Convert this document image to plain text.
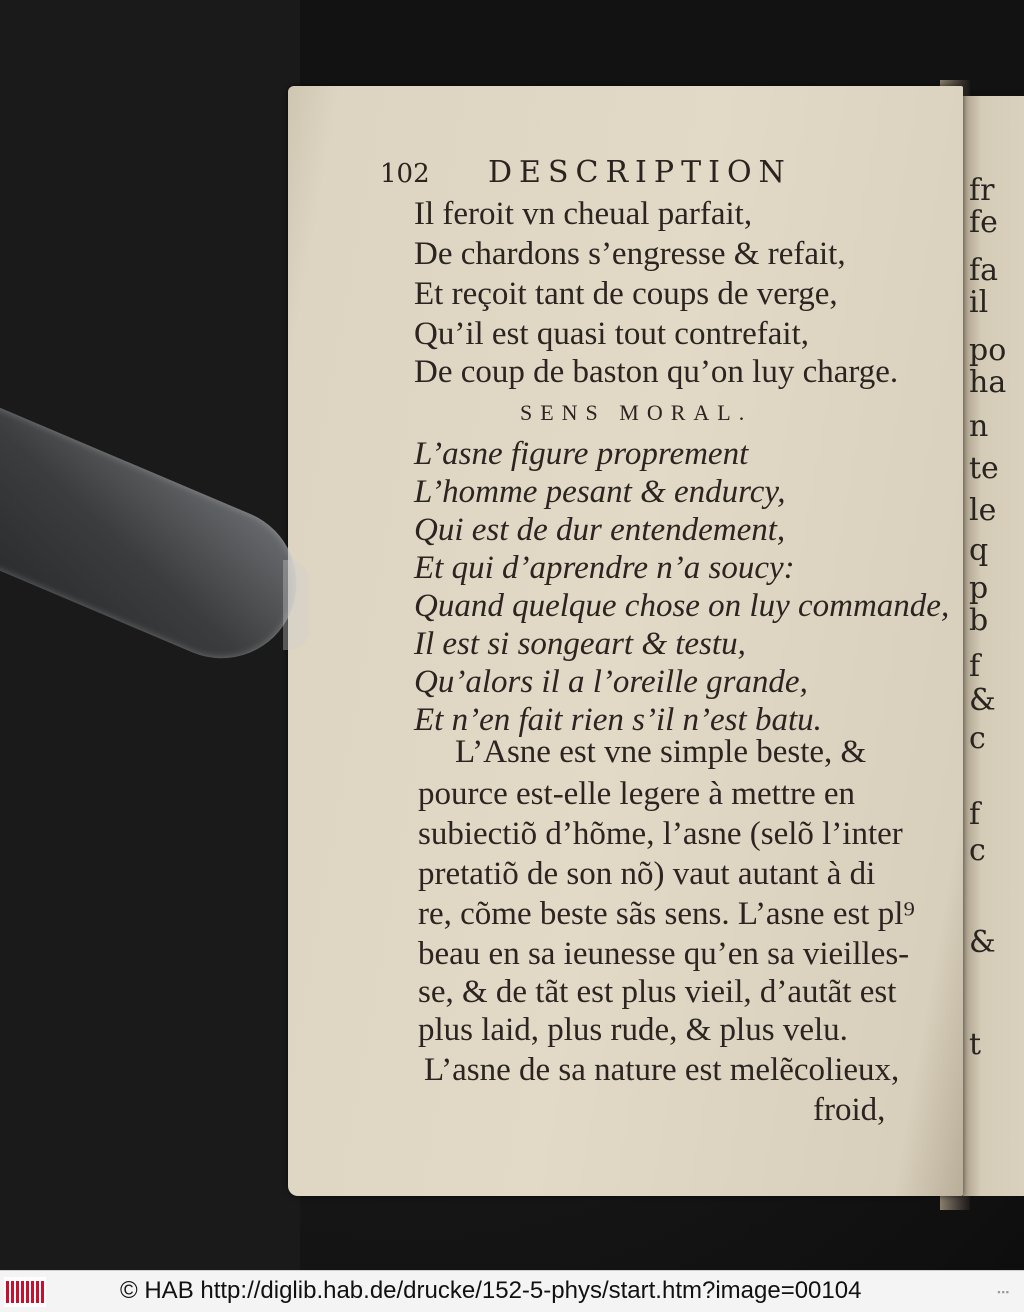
fr
fe
fa
il
po
ha
n
te
le
q
p
b
f
&
c
f
c
&
t
102 DESCRIPTION
Il feroit vn cheual parfait,
De chardons s’engresse & refait,
Et reçoit tant de coups de verge,
Qu’il est quasi tout contrefait,
De coup de baston qu’on luy charge.
SENS MORAL.
L’asne figure proprement
L’homme pesant & endurcy,
Qui est de dur entendement,
Et qui d’aprendre n’a soucy:
Quand quelque chose on luy commande,
Il est si songeart & testu,
Qu’alors il a l’oreille grande,
Et n’en fait rien s’il n’est batu.
L’Asne est vne simple beste, &
pource est-elle legere à mettre en
subiectiõ d’hõme, l’asne (selõ l’inter
pretatiõ de son nõ) vaut autant à di
re, cõme beste sãs sens. L’asne est pl⁹
beau en sa ieunesse qu’en sa vieilles-
se, & de tãt est plus vieil, d’autãt est
plus laid, plus rude, & plus velu.
L’asne de sa nature est melẽcolieux,
froid,
© HAB http://diglib.hab.de/drucke/152-5-phys/start.htm?image=00104	▪▪▪
